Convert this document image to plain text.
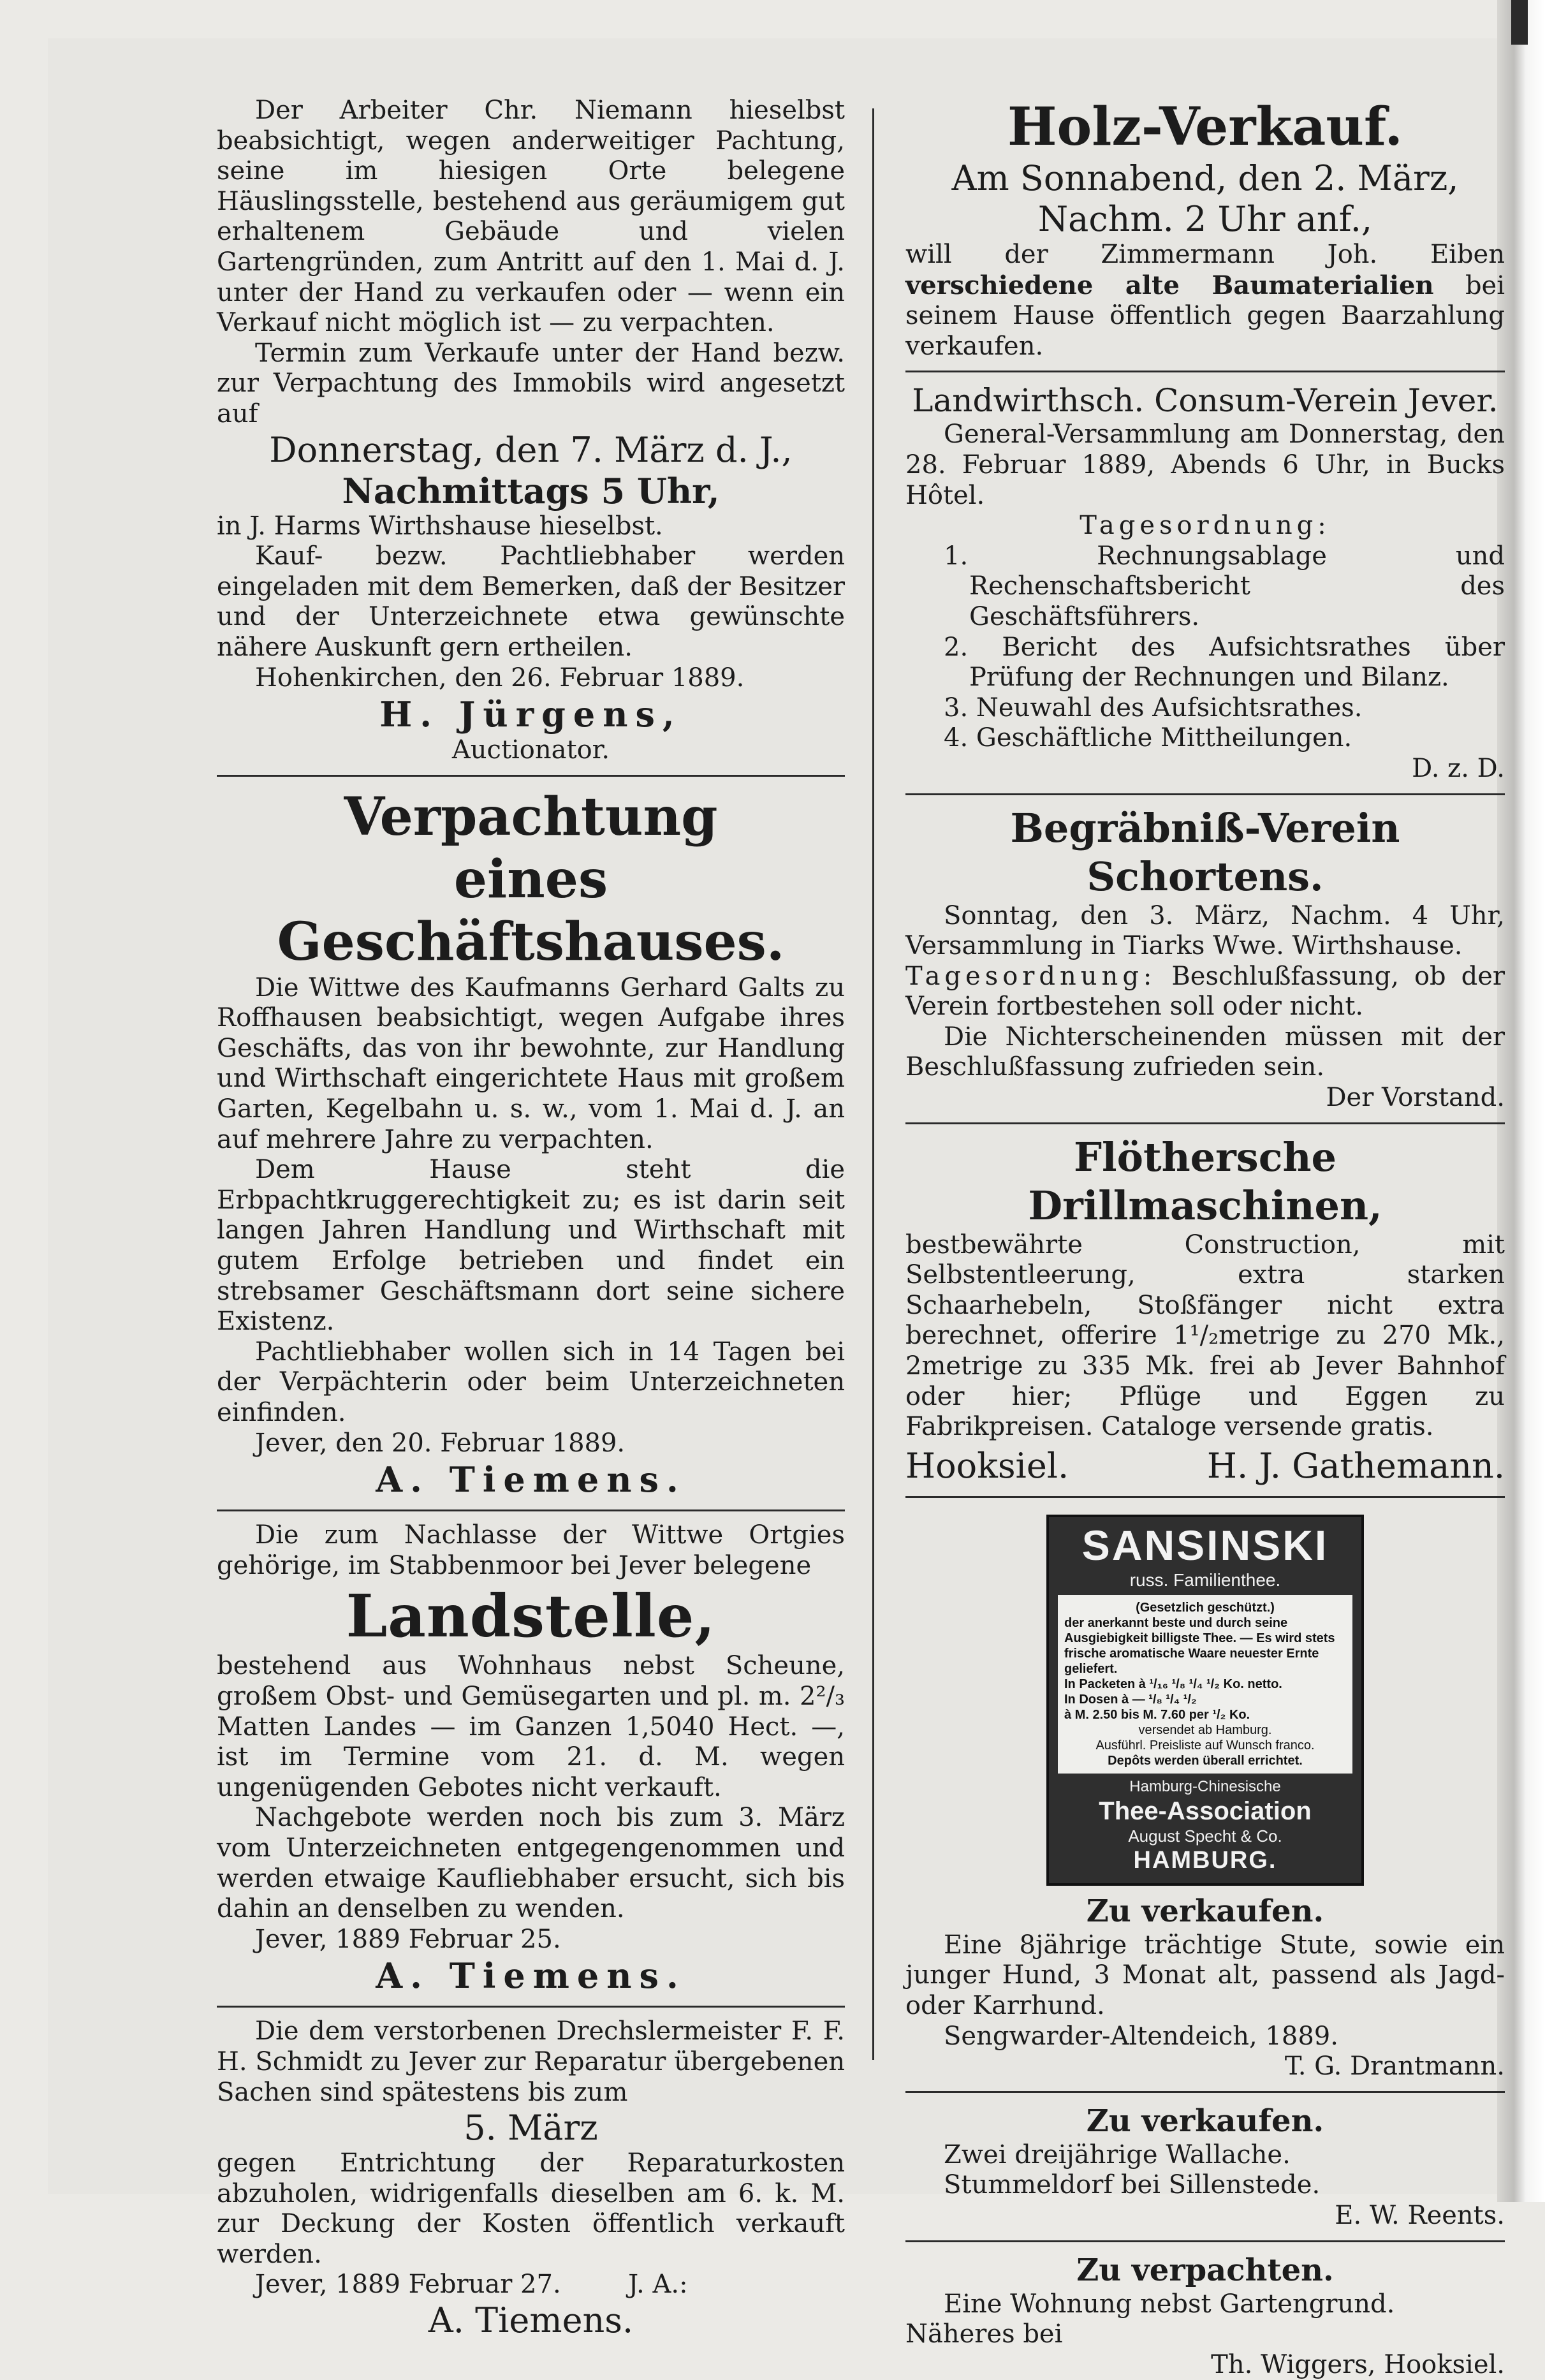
Der Arbeiter Chr. Niemann hieselbst beabsichtigt, wegen anderweitiger Pachtung, seine im hiesigen Orte belegene Häuslingsstelle, bestehend aus geräumigem gut erhaltenem Gebäude und vielen Gartengründen, zum Antritt auf den 1. Mai d. J. unter der Hand zu verkaufen oder — wenn ein Verkauf nicht möglich ist — zu verpachten.

Termin zum Verkaufe unter der Hand bezw. zur Verpachtung des Immobils wird angesetzt auf

Donnerstag, den 7. März d. J.,

Nachmittags 5 Uhr,

in J. Harms Wirthshause hieselbst.

Kauf- bezw. Pachtliebhaber werden eingeladen mit dem Bemerken, daß der Besitzer und der Unterzeichnete etwa gewünschte nähere Auskunft gern ertheilen.

Hohenkirchen, den 26. Februar 1889.

H. Jürgens,

Auctionator.

Verpachtung

eines Geschäftshauses.

Die Wittwe des Kaufmanns Gerhard Galts zu Roffhausen beabsichtigt, wegen Aufgabe ihres Geschäfts, das von ihr bewohnte, zur Handlung und Wirthschaft eingerichtete Haus mit großem Garten, Kegelbahn u. s. w., vom 1. Mai d. J. an auf mehrere Jahre zu verpachten.

Dem Hause steht die Erbpachtkruggerechtigkeit zu; es ist darin seit langen Jahren Handlung und Wirthschaft mit gutem Erfolge betrieben und findet ein strebsamer Geschäftsmann dort seine sichere Existenz.

Pachtliebhaber wollen sich in 14 Tagen bei der Verpächterin oder beim Unterzeichneten einfinden.

Jever, den 20. Februar 1889.

A. Tiemens.

Die zum Nachlasse der Wittwe Ortgies gehörige, im Stabbenmoor bei Jever belegene

Landstelle,

bestehend aus Wohnhaus nebst Scheune, großem Obst- und Gemüsegarten und pl. m. 2²/₃ Matten Landes — im Ganzen 1,5040 Hect. —, ist im Termine vom 21. d. M. wegen ungenügenden Gebotes nicht verkauft.

Nachgebote werden noch bis zum 3. März vom Unterzeichneten entgegengenommen und werden etwaige Kaufliebhaber ersucht, sich bis dahin an denselben zu wenden.

Jever, 1889 Februar 25.

A. Tiemens.

Die dem verstorbenen Drechslermeister F. F. H. Schmidt zu Jever zur Reparatur übergebenen Sachen sind spätestens bis zum

5. März

gegen Entrichtung der Reparaturkosten abzuholen, widrigenfalls dieselben am 6. k. M. zur Deckung der Kosten öffentlich verkauft werden.

Jever, 1889 Februar 27.	J. A.:

A. Tiemens.

Holz-Verkauf.

Am Sonnabend, den 2. März,

Nachm. 2 Uhr anf.,

will der Zimmermann Joh. Eiben verschiedene alte Baumaterialien bei seinem Hause öffentlich gegen Baarzahlung verkaufen.

Landwirthsch. Consum-Verein Jever.

General-Versammlung am Donnerstag, den 28. Februar 1889, Abends 6 Uhr, in Bucks Hôtel.

Tagesordnung:

1. Rechnungsablage und Rechenschaftsbericht des Geschäftsführers.

2. Bericht des Aufsichtsrathes über Prüfung der Rechnungen und Bilanz.

3. Neuwahl des Aufsichtsrathes.

4. Geschäftliche Mittheilungen.

D. z. D.

Begräbniß-Verein Schortens.

Sonntag, den 3. März, Nachm. 4 Uhr, Versammlung in Tiarks Wwe. Wirthshause.

Tagesordnung: Beschlußfassung, ob der Verein fortbestehen soll oder nicht.

Die Nichterscheinenden müssen mit der Beschlußfassung zufrieden sein.

Der Vorstand.

Flöthersche Drillmaschinen,

bestbewährte Construction, mit Selbstentleerung, extra starken Schaarhebeln, Stoßfänger nicht extra berechnet, offerire 1¹/₂metrige zu 270 Mk., 2metrige zu 335 Mk. frei ab Jever Bahnhof oder hier; Pflüge und Eggen zu Fabrikpreisen. Cataloge versende gratis.

Hooksiel.	H. J. Gathemann.
SANSINSKI
russ. Familienthee.

(Gesetzlich geschützt.)

der anerkannt beste und durch seine Ausgiebigkeit billigste Thee. — Es wird stets frische aromatische Waare neuester Ernte geliefert.

In Packeten à ¹/₁₆ ¹/₈ ¹/₄ ¹/₂ Ko. netto.

In Dosen à — ¹/₈ ¹/₄ ¹/₂

à M. 2.50 bis M. 7.60 per ¹/₂ Ko.

versendet ab Hamburg.

Ausführl. Preisliste auf Wunsch franco.

Depôts werden überall errichtet.

Hamburg-Chinesische
Thee-Association
August Specht & Co.
HAMBURG.

Zu verkaufen.

Eine 8jährige trächtige Stute, sowie ein junger Hund, 3 Monat alt, passend als Jagd- oder Karrhund.

Sengwarder-Altendeich, 1889.

T. G. Drantmann.

Zu verkaufen.

Zwei dreijährige Wallache.

Stummeldorf bei Sillenstede.

E. W. Reents.

Zu verpachten.

Eine Wohnung nebst Gartengrund. Näheres bei

Th. Wiggers, Hooksiel.
